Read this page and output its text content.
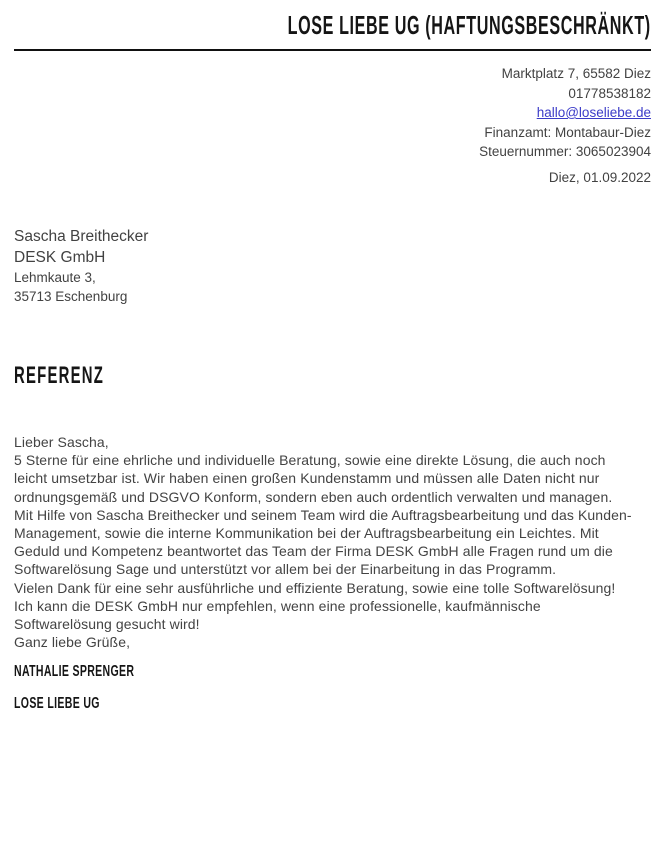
LOSE LIEBE UG (HAFTUNGSBESCHRÄNKT)
Marktplatz 7, 65582 Diez
01778538182
hallo@loseliebe.de
Finanzamt: Montabaur-Diez
Steuernummer: 3065023904
Diez, 01.09.2022
Sascha Breithecker
DESK GmbH
Lehmkaute 3,
35713 Eschenburg
REFERENZ

Lieber Sascha,

5 Sterne für eine ehrliche und individuelle Beratung, sowie eine direkte Lösung, die auch noch leicht umsetzbar ist. Wir haben einen großen Kundenstamm und müssen alle Daten nicht nur ordnungsgemäß und DSGVO Konform, sondern eben auch ordentlich verwalten und managen.

Mit Hilfe von Sascha Breithecker und seinem Team wird die Auftragsbearbeitung und das Kunden-Management, sowie die interne Kommunikation bei der Auftragsbearbeitung ein Leichtes. Mit Geduld und Kompetenz beantwortet das Team der Firma DESK GmbH alle Fragen rund um die Softwarelösung Sage und unterstützt vor allem bei der Einarbeitung in das Programm.

Vielen Dank für eine sehr ausführliche und effiziente Beratung, sowie eine tolle Softwarelösung!

Ich kann die DESK GmbH nur empfehlen, wenn eine professionelle, kaufmännische Softwarelösung gesucht wird!

Ganz liebe Grüße,

NATHALIE SPRENGER
LOSE LIEBE UG
